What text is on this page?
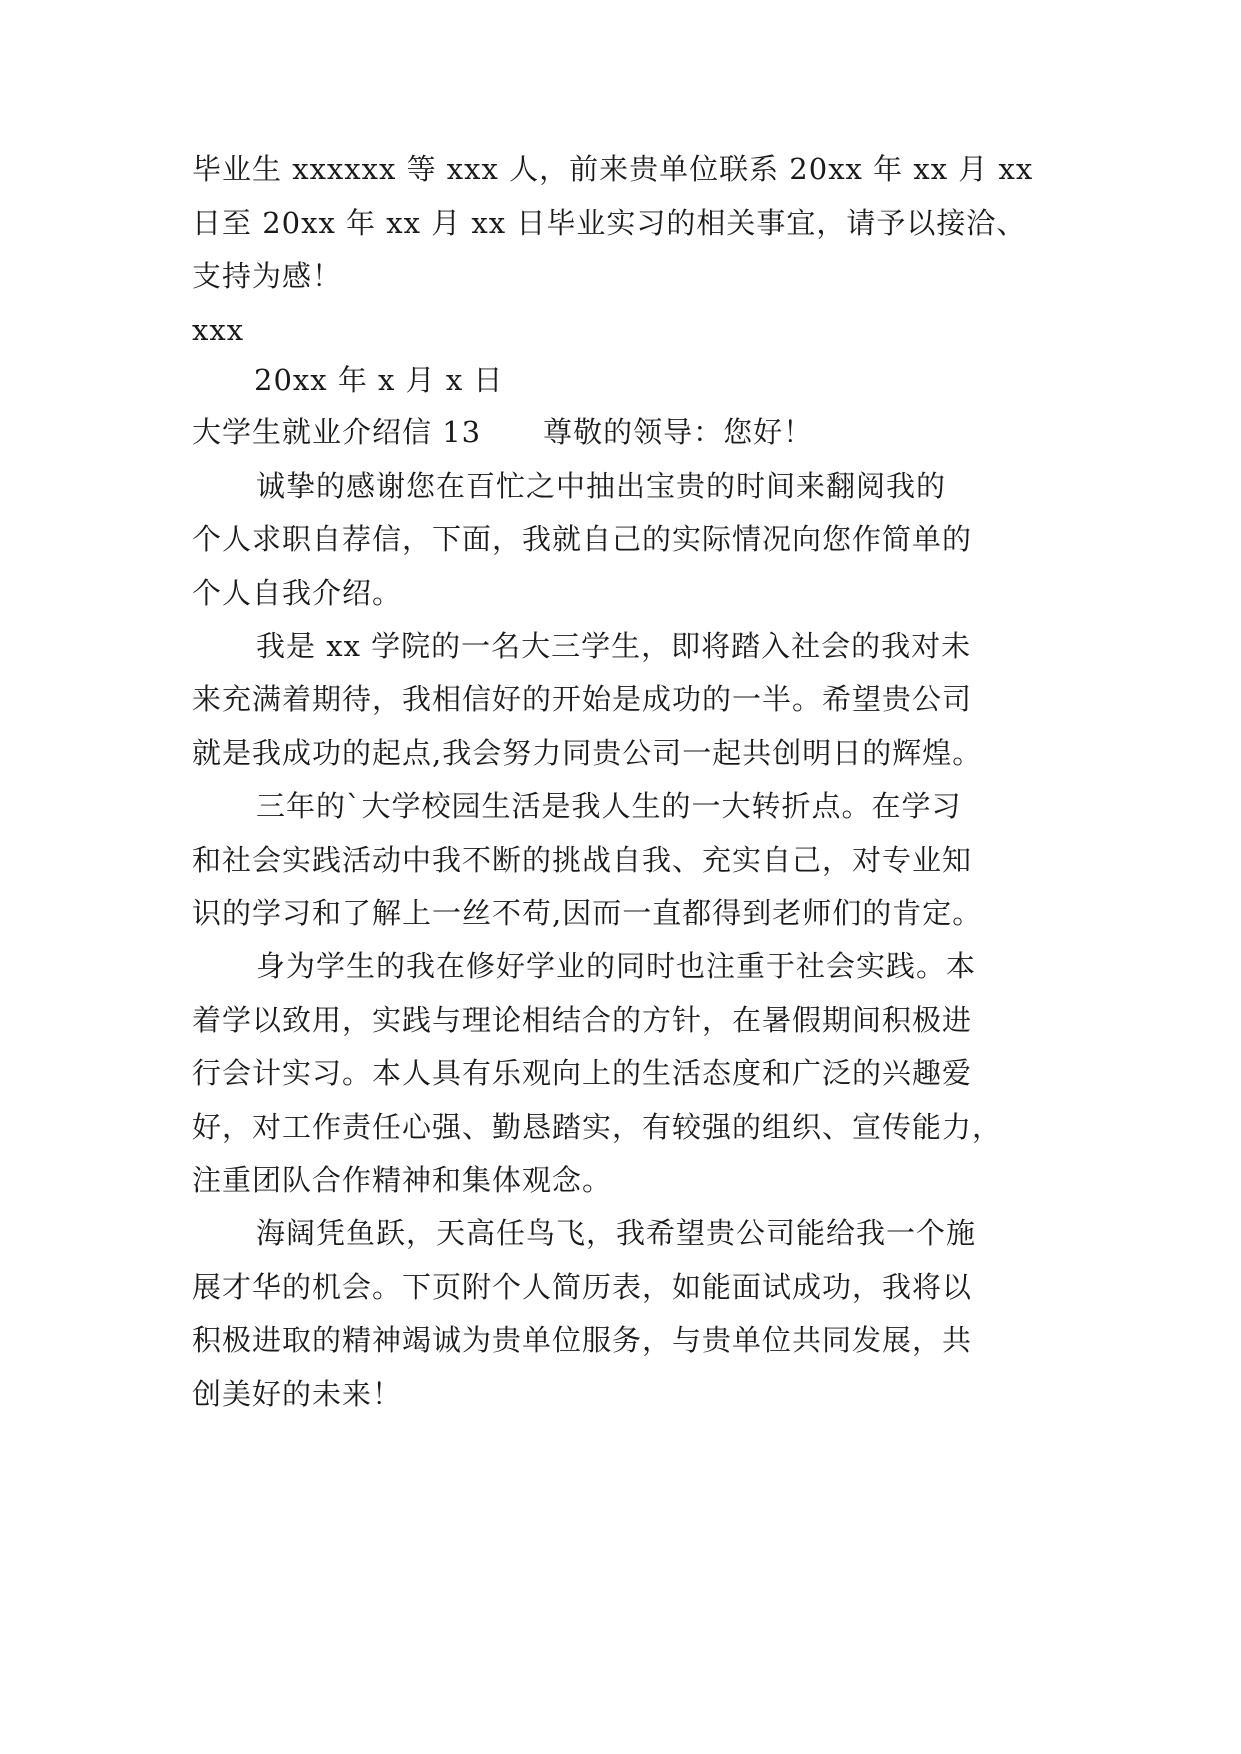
毕业生 xxxxxx 等 xxx 人，前来贵单位联系 20xx 年 xx 月 xx
日至 20xx 年 xx 月 xx 日毕业实习的相关事宜，请予以接洽、
支持为感！
xxx
20xx 年 x 月 x 日
大学生就业介绍信 13 尊敬的领导：您好！
诚挚的感谢您在百忙之中抽出宝贵的时间来翻阅我的
个人求职自荐信，下面，我就自己的实际情况向您作简单的
个人自我介绍。
我是 xx 学院的一名大三学生，即将踏入社会的我对未
来充满着期待，我相信好的开始是成功的一半。希望贵公司
就是我成功的起点,我会努力同贵公司一起共创明日的辉煌。
三年的`大学校园生活是我人生的一大转折点。在学习
和社会实践活动中我不断的挑战自我、充实自己，对专业知
识的学习和了解上一丝不苟,因而一直都得到老师们的肯定。
身为学生的我在修好学业的同时也注重于社会实践。本
着学以致用，实践与理论相结合的方针，在暑假期间积极进
行会计实习。本人具有乐观向上的生活态度和广泛的兴趣爱
好，对工作责任心强、勤恳踏实，有较强的组织、宣传能力，
注重团队合作精神和集体观念。
海阔凭鱼跃，天高任鸟飞，我希望贵公司能给我一个施
展才华的机会。下页附个人简历表，如能面试成功，我将以
积极进取的精神竭诚为贵单位服务，与贵单位共同发展，共
创美好的未来！
